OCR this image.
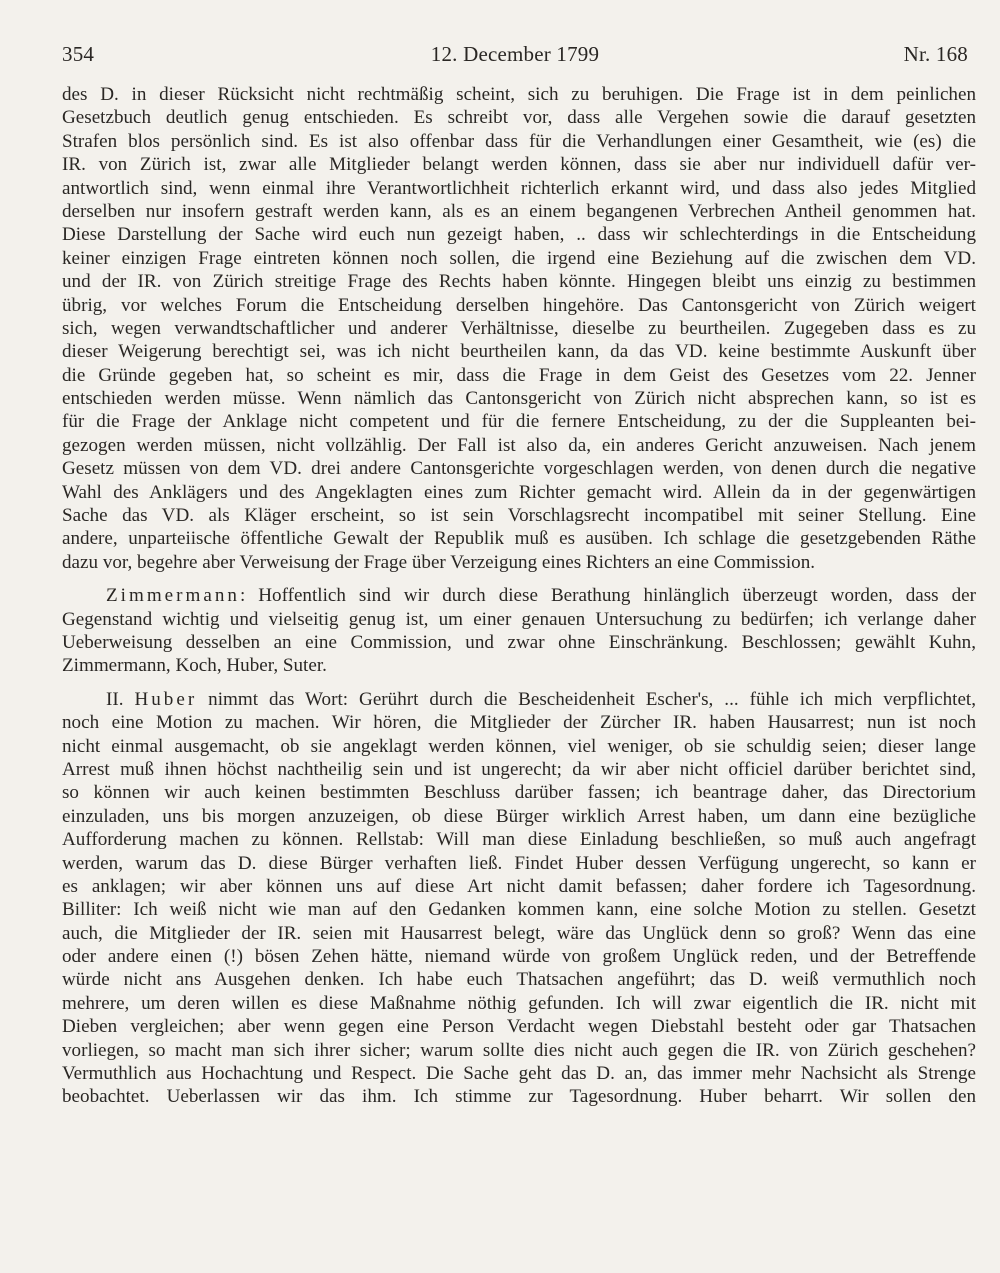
354	12. December 1799	Nr. 168

des D. in dieser Rücksicht nicht rechtmäßig scheint, sich zu beruhigen. Die Frage ist in dem peinlichen
Gesetzbuch deutlich genug entschieden. Es schreibt vor, dass alle Vergehen sowie die darauf gesetzten
Strafen blos persönlich sind. Es ist also offenbar dass für die Verhandlungen einer Gesamtheit, wie (es) die
IR. von Zürich ist, zwar alle Mitglieder belangt werden können, dass sie aber nur individuell dafür ver-
antwortlich sind, wenn einmal ihre Verantwortlichheit richterlich erkannt wird, und dass also jedes Mitglied
derselben nur insofern gestraft werden kann, als es an einem begangenen Verbrechen Antheil genommen hat.
Diese Darstellung der Sache wird euch nun gezeigt haben, .. dass wir schlechterdings in die Entscheidung
keiner einzigen Frage eintreten können noch sollen, die irgend eine Beziehung auf die zwischen dem VD.
und der IR. von Zürich streitige Frage des Rechts haben könnte. Hingegen bleibt uns einzig zu bestimmen
übrig, vor welches Forum die Entscheidung derselben hingehöre. Das Cantonsgericht von Zürich weigert
sich, wegen verwandtschaftlicher und anderer Verhältnisse, dieselbe zu beurtheilen. Zugegeben dass es zu
dieser Weigerung berechtigt sei, was ich nicht beurtheilen kann, da das VD. keine bestimmte Auskunft über
die Gründe gegeben hat, so scheint es mir, dass die Frage in dem Geist des Gesetzes vom 22. Jenner
entschieden werden müsse. Wenn nämlich das Cantonsgericht von Zürich nicht absprechen kann, so ist es
für die Frage der Anklage nicht competent und für die fernere Entscheidung, zu der die Suppleanten bei-
gezogen werden müssen, nicht vollzählig. Der Fall ist also da, ein anderes Gericht anzuweisen. Nach jenem
Gesetz müssen von dem VD. drei andere Cantonsgerichte vorgeschlagen werden, von denen durch die negative
Wahl des Anklägers und des Angeklagten eines zum Richter gemacht wird. Allein da in der gegenwärtigen
Sache das VD. als Kläger erscheint, so ist sein Vorschlagsrecht incompatibel mit seiner Stellung. Eine
andere, unparteiische öffentliche Gewalt der Republik muß es ausüben. Ich schlage die gesetzgebenden Räthe
dazu vor, begehre aber Verweisung der Frage über Verzeigung eines Richters an eine Commission.

Zimmermann: Hoffentlich sind wir durch diese Berathung hinlänglich überzeugt worden, dass der
Gegenstand wichtig und vielseitig genug ist, um einer genauen Untersuchung zu bedürfen; ich verlange daher
Ueberweisung desselben an eine Commission, und zwar ohne Einschränkung. Beschlossen; gewählt Kuhn,
Zimmermann, Koch, Huber, Suter.

II. Huber nimmt das Wort: Gerührt durch die Bescheidenheit Escher's, ... fühle ich mich verpflichtet,
noch eine Motion zu machen. Wir hören, die Mitglieder der Zürcher IR. haben Hausarrest; nun ist noch
nicht einmal ausgemacht, ob sie angeklagt werden können, viel weniger, ob sie schuldig seien; dieser lange
Arrest muß ihnen höchst nachtheilig sein und ist ungerecht; da wir aber nicht officiel darüber berichtet sind,
so können wir auch keinen bestimmten Beschluss darüber fassen; ich beantrage daher, das Directorium
einzuladen, uns bis morgen anzuzeigen, ob diese Bürger wirklich Arrest haben, um dann eine bezügliche
Aufforderung machen zu können. Rellstab: Will man diese Einladung beschließen, so muß auch angefragt
werden, warum das D. diese Bürger verhaften ließ. Findet Huber dessen Verfügung ungerecht, so kann er
es anklagen; wir aber können uns auf diese Art nicht damit befassen; daher fordere ich Tagesordnung.
Billiter: Ich weiß nicht wie man auf den Gedanken kommen kann, eine solche Motion zu stellen. Gesetzt
auch, die Mitglieder der IR. seien mit Hausarrest belegt, wäre das Unglück denn so groß? Wenn das eine
oder andere einen (!) bösen Zehen hätte, niemand würde von großem Unglück reden, und der Betreffende
würde nicht ans Ausgehen denken. Ich habe euch Thatsachen angeführt; das D. weiß vermuthlich noch
mehrere, um deren willen es diese Maßnahme nöthig gefunden. Ich will zwar eigentlich die IR. nicht mit
Dieben vergleichen; aber wenn gegen eine Person Verdacht wegen Diebstahl besteht oder gar Thatsachen
vorliegen, so macht man sich ihrer sicher; warum sollte dies nicht auch gegen die IR. von Zürich geschehen?
Vermuthlich aus Hochachtung und Respect. Die Sache geht das D. an, das immer mehr Nachsicht als Strenge
beobachtet. Ueberlassen wir das ihm. Ich stimme zur Tagesordnung. Huber beharrt. Wir sollen den
